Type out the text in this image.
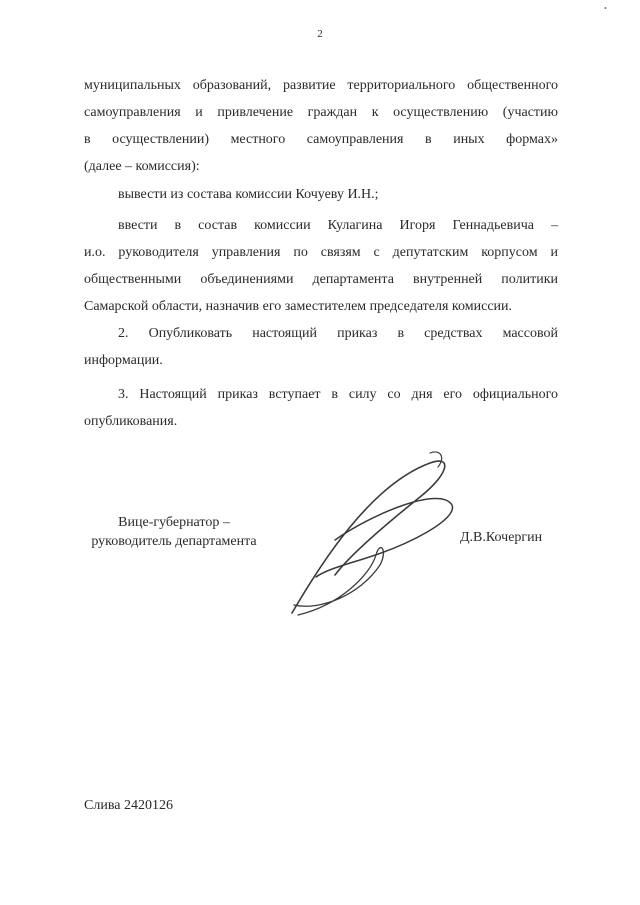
•
2
муниципальных образований, развитие территориального общественного
самоуправления и привлечение граждан к осуществлению (участию
в осуществлении) местного самоуправления в иных формах»
(далее – комиссия):
вывести из состава комиссии Кочуеву И.Н.;
ввести в состав комиссии Кулагина Игоря Геннадьевича –
и.о. руководителя управления по связям с депутатским корпусом и
общественными объединениями департамента внутренней политики
Самарской области, назначив его заместителем председателя комиссии.
2. Опубликовать настоящий приказ в средствах массовой
информации.
3. Настоящий приказ вступает в силу со дня его официального
опубликования.
Вице-губернатор –
руководитель департамента	Д.В.Кочергин
Слива 2420126
